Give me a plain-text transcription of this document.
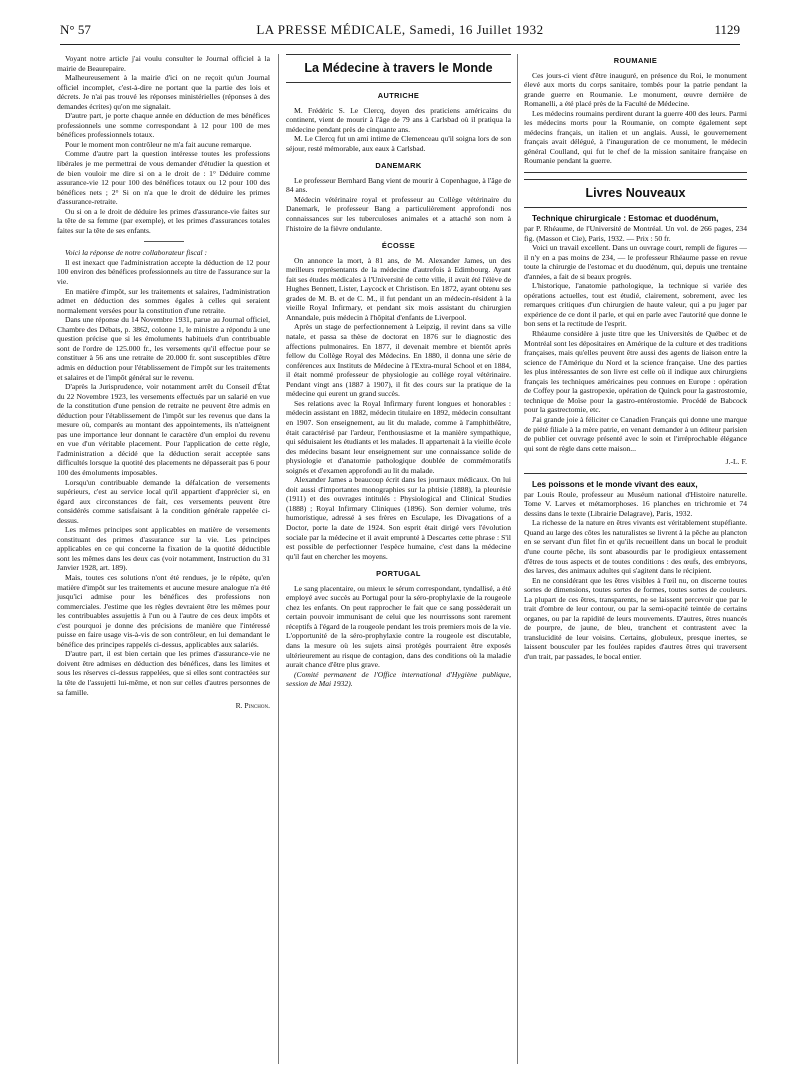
N° 57	LA PRESSE MÉDICALE, Samedi, 16 Juillet 1932	1129

Voyant notre article j'ai voulu consulter le Journal officiel à la mairie de Beaurepaire.

Malheureusement à la mairie d'ici on ne reçoit qu'un Journal officiel incomplet, c'est-à-dire ne portant que la partie des lois et décrets. Je n'ai pas trouvé les réponses ministérielles (réponses à des demandes écrites) qu'on me signalait.

D'autre part, je porte chaque année en déduction de mes bénéfices professionnels une somme correspondant à 12 pour 100 de mes bénéfices professionnels totaux.

Pour le moment mon contrôleur ne m'a fait aucune remarque.

Comme d'autre part la question intéresse toutes les professions libérales je me permettrai de vous demander d'étudier la question et de bien vouloir me dire si on a le droit de : 1° Déduire comme assurance-vie 12 pour 100 des bénéfices totaux ou 12 pour 100 des bénéfices nets ; 2° Si on n'a que le droit de déduire les primes d'assurance-retraite.

Ou si on a le droit de déduire les primes d'assurance-vie faites sur la tête de sa femme (par exemple), et les primes d'assurances totales faites sur la tête de ses enfants.

Voici la réponse de notre collaborateur fiscal :

Il est inexact que l'administration accepte la déduction de 12 pour 100 environ des bénéfices professionnels au titre de l'assurance sur la vie.

En matière d'impôt, sur les traitements et salaires, l'administration admet en déduction des sommes égales à celles qui seraient normalement versées pour la constitution d'une retraite.

Dans une réponse du 14 Novembre 1931, parue au Journal officiel, Chambre des Débats, p. 3862, colonne 1, le ministre a répondu à une question précise que si les émoluments habituels d'un contribuable sont de l'ordre de 125.000 fr., les versements qu'il effectue pour se constituer à 56 ans une retraite de 20.000 fr. sont susceptibles d'être admis en déduction pour l'établissement de l'impôt sur les traitements et salaires et de l'impôt général sur le revenu.

D'après la Jurisprudence, voir notamment arrêt du Conseil d'État du 22 Novembre 1923, les versements effectués par un salarié en vue de la constitution d'une pension de retraite ne peuvent être admis en déduction pour l'établissement de l'impôt sur les revenus que dans la mesure où, comparés au montant des appointements, ils n'atteignent pas une importance leur donnant le caractère d'un emploi du revenu en vue d'un véritable placement. Pour l'application de cette règle, l'administration a décidé que la déduction serait acceptée sans difficultés lorsque la quotité des placements ne dépasserait pas 6 pour 100 des émoluments imposables.

Lorsqu'un contribuable demande la défalcation de versements supérieurs, c'est au service local qu'il appartient d'apprécier si, en égard aux circonstances de fait, ces versements peuvent être considérés comme satisfaisant à la condition générale rappelée ci-dessus.

Les mêmes principes sont applicables en matière de versements constituant des primes d'assurance sur la vie. Les principes applicables en ce qui concerne la fixation de la quotité déductible sont les mêmes dans les deux cas (voir notamment, Instruction du 31 Janvier 1928, art. 189).

Mais, toutes ces solutions n'ont été rendues, je le répète, qu'en matière d'impôt sur les traitements et aucune mesure analogue n'a été jusqu'ici admise pour les bénéfices des professions non commerciales. J'estime que les règles devraient être les mêmes pour les contribuables assujettis à l'un ou à l'autre de ces deux impôts et c'est pourquoi je donne des précisions de manière que l'intéressé puisse en faire usage vis-à-vis de son contrôleur, en lui demandant le bénéfice des principes rappelés ci-dessus, applicables aux salariés.

D'autre part, il est bien certain que les primes d'assurance-vie ne doivent être admises en déduction des bénéfices, dans les limites et sous les réserves ci-dessus rappelées, que si elles sont contractées sur la tête de l'assujetti lui-même, et non sur celles d'autres personnes de sa famille.

R. Pinchon.

La Médecine à travers le Monde
AUTRICHE

M. Frédéric S. Le Clercq, doyen des praticiens américains du continent, vient de mourir à l'âge de 79 ans à Carlsbad où il pratiqua la médecine pendant près de cinquante ans.

M. Le Clercq fut un ami intime de Clemenceau qu'il soigna lors de son séjour, resté mémorable, aux eaux à Carlsbad.

DANEMARK

Le professeur Bernhard Bang vient de mourir à Copenhague, à l'âge de 84 ans.

Médecin vétérinaire royal et professeur au Collège vétérinaire du Danemark, le professeur Bang a particulièrement approfondi nos connaissances sur les tuberculoses animales et a attaché son nom à l'histoire de la fièvre ondulante.

ÉCOSSE

On annonce la mort, à 81 ans, de M. Alexander James, un des meilleurs représentants de la médecine d'autrefois à Edimbourg. Ayant fait ses études médicales à l'Université de cette ville, il avait été l'élève de Hughes Bennett, Lister, Laycock et Christison. En 1872, ayant obtenu ses grades de M. B. et de C. M., il fut pendant un an médecin-résident à la vieille Royal Infirmary, et pendant six mois assistant du chirurgien Annandale, puis médecin à l'hôpital d'enfants de Liverpool.

Après un stage de perfectionnement à Leipzig, il revint dans sa ville natale, et passa sa thèse de doctorat en 1876 sur le diagnostic des affections pulmonaires. En 1877, il devenait membre et bientôt après fellow du Collège Royal des Médecins. En 1880, il donna une série de conférences aux Instituts de Médecine à l'Extra-mural School et en 1884, il était nommé professeur de physiologie au collège royal vétérinaire. Pendant vingt ans (1887 à 1907), il fit des cours sur la pratique de la médecine qui eurent un grand succès.

Ses relations avec la Royal Infirmary furent longues et honorables : médecin assistant en 1882, médecin titulaire en 1892, médecin consultant en 1907. Son enseignement, au lit du malade, comme à l'amphithéâtre, était caractérisé par l'ardeur, l'enthousiasme et la manière sympathique, qui séduisaient les étudiants et les malades. Il appartenait à la vieille école des médecins basant leur enseignement sur une connaissance solide de physiologie et d'anatomie pathologique doublée de commémoratifs soignés et d'examen approfondi au lit du malade.

Alexander James a beaucoup écrit dans les journaux médicaux. On lui doit aussi d'importantes monographies sur la phtisie (1888), la pleurésie (1911) et des ouvrages intitulés : Physiological and Clinical Studies (1888) ; Royal Infirmary Cliniques (1896). Son dernier volume, très humoristique, adressé à ses frères en Esculape, les Divagations of a Doctor, porte la date de 1924. Son esprit était dirigé vers l'évolution sociale par la médecine et il avait emprunté à Descartes cette phrase : S'il est possible de perfectionner l'espèce humaine, c'est dans la médecine qu'il faut en chercher les moyens.

PORTUGAL

Le sang placentaire, ou mieux le sérum correspondant, tyndallisé, a été employé avec succès au Portugal pour la séro-prophylaxie de la rougeole chez les enfants. On peut rapprocher le fait que ce sang possèderait un certain pouvoir immunisant de celui que les nourrissons sont rarement réceptifs à l'égard de la rougeole pendant les trois premiers mois de la vie. L'opportunité de la séro-prophylaxie contre la rougeole est discutable, dans la mesure où les sujets ainsi protégés pourraient être exposés ultérieurement au risque de contagion, dans des conditions où la maladie aurait chance d'être plus grave.

(Comité permanent de l'Office international d'Hygiène publique, session de Mai 1932).

ROUMANIE

Ces jours-ci vient d'être inauguré, en présence du Roi, le monument élevé aux morts du corps sanitaire, tombés pour la patrie pendant la grande guerre en Roumanie. Le monument, œuvre dernière de Romanelli, a été placé près de la Faculté de Médecine.

Les médecins roumains perdirent durant la guerre 400 des leurs. Parmi les médecins morts pour la Roumanie, on compte également sept médecins français, un italien et un anglais. Aussi, le gouvernement français avait délégué, à l'inauguration de ce monument, le médecin général Coulland, qui fut le chef de la mission sanitaire française en Roumanie pendant la guerre.

Livres Nouveaux

Technique chirurgicale : Estomac et duodénum,

par P. Rhéaume, de l'Université de Montréal. Un vol. de 266 pages, 234 fig. (Masson et Cie), Paris, 1932. — Prix : 50 fr.

Voici un travail excellent. Dans un ouvrage court, rempli de figures — il n'y en a pas moins de 234, — le professeur Rhéaume passe en revue toute la chirurgie de l'estomac et du duodénum, qui, depuis une trentaine d'années, a fait de si beaux progrès.

L'historique, l'anatomie pathologique, la technique si variée des opérations actuelles, tout est étudié, clairement, sobrement, avec les remarques critiques d'un chirurgien de haute valeur, qui a pu juger par expérience de ce dont il parle, et qui en parle avec l'autorité que donne le bon sens et la rectitude de l'esprit.

Rhéaume considère à juste titre que les Universités de Québec et de Montréal sont les dépositaires en Amérique de la culture et des traditions françaises, mais qu'elles peuvent être aussi des agents de liaison entre la science de l'Amérique du Nord et la science française. Une des parties les plus intéressantes de son livre est celle où il indique aux chirurgiens français les techniques américaines peu connues en Europe : opération de Coffey pour la gastropexie, opération de Quinck pour la gastrostomie, technique de Moïse pour la gastro-entérostomie. Procédé de Babcock pour la gastrectomie, etc.

J'ai grande joie à féliciter ce Canadien Français qui donne une marque de piété filiale à la mère patrie, en venant demander à un éditeur parisien de publier cet ouvrage présenté avec le soin et l'irréprochable élégance qui sont de règle dans cette maison...

J.-L. F.

Les poissons et le monde vivant des eaux,

par Louis Roule, professeur au Muséum national d'Histoire naturelle. Tome V. Larves et métamorphoses. 16 planches en trichromie et 74 dessins dans le texte (Librairie Delagrave), Paris, 1932.

La richesse de la nature en êtres vivants est véritablement stupéfiante. Quand au large des côtes les naturalistes se livrent à la pêche au plancton en se servant d'un filet fin et qu'ils recueillent dans un bocal le produit d'une courte pêche, ils sont abasourdis par le prodigieux entassement d'êtres de tous aspects et de toutes conditions : des œufs, des embryons, des larves, des animaux adultes qui s'agitent dans le récipient.

En ne considérant que les êtres visibles à l'œil nu, on discerne toutes sortes de dimensions, toutes sortes de formes, toutes sortes de couleurs. La plupart de ces êtres, transparents, ne se laissent percevoir que par le trait d'ombre de leur contour, ou par la semi-opacité teintée de certains organes, ou par la rapidité de leurs mouvements. D'autres, êtres nuancés de pourpre, de jaune, de bleu, tranchent et contrastent avec la translucidité de leur voisins. Certains, globuleux, presque inertes, se laissent bousculer par les foulées rapides d'autres êtres qui traversent d'un trait, par passades, le bocal entier.
